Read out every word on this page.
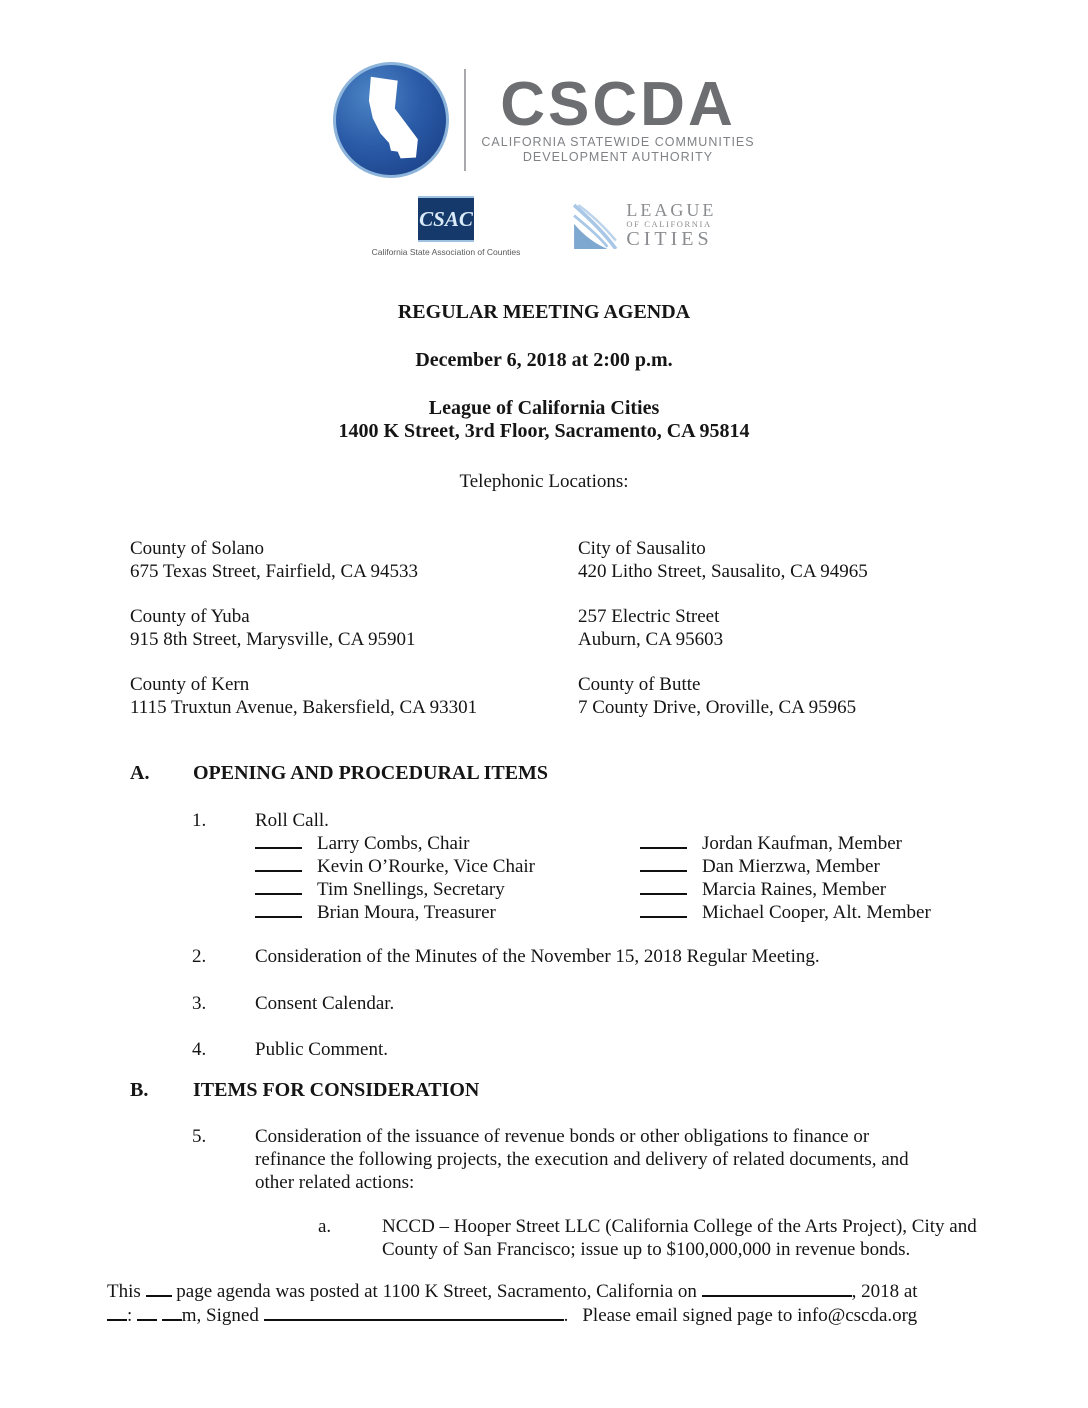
CSCDA
CALIFORNIA STATEWIDE COMMUNITIES
DEVELOPMENT AUTHORITY
CSAC
California State Association of Counties
LEAGUE
OF CALIFORNIA
CITIES
REGULAR MEETING AGENDA
December 6, 2018 at 2:00 p.m.
League of California Cities
1400 K Street, 3rd Floor, Sacramento, CA 95814
Telephonic Locations:
County of Solano
675 Texas Street, Fairfield, CA 94533
City of Sausalito
420 Litho Street, Sausalito, CA 94965
County of Yuba
915 8th Street, Marysville, CA 95901
257 Electric Street
Auburn, CA 95603
County of Kern
1115 Truxtun Avenue, Bakersfield, CA 93301
County of Butte
7 County Drive, Oroville, CA 95965
A.	OPENING AND PROCEDURAL ITEMS
1.	Roll Call.
Larry Combs, Chair	Jordan Kaufman, Member
Kevin O’Rourke, Vice Chair	Dan Mierzwa, Member
Tim Snellings, Secretary	Marcia Raines, Member
Brian Moura, Treasurer	Michael Cooper, Alt. Member
2.	Consideration of the Minutes of the November 15, 2018 Regular Meeting.
3.	Consent Calendar.
4.	Public Comment.
B.	ITEMS FOR CONSIDERATION
5.	Consideration of the issuance of revenue bonds or other obligations to finance or refinance the following projects, the execution and delivery of related documents, and other related actions:
a.	NCCD – Hooper Street LLC (California College of the Arts Project), City and County of San Francisco; issue up to $100,000,000 in revenue bonds.
This page agenda was posted at 1100 K Street, Sacramento, California on	, 2018 at
:	m, Signed	. Please email signed page to info@cscda.org
